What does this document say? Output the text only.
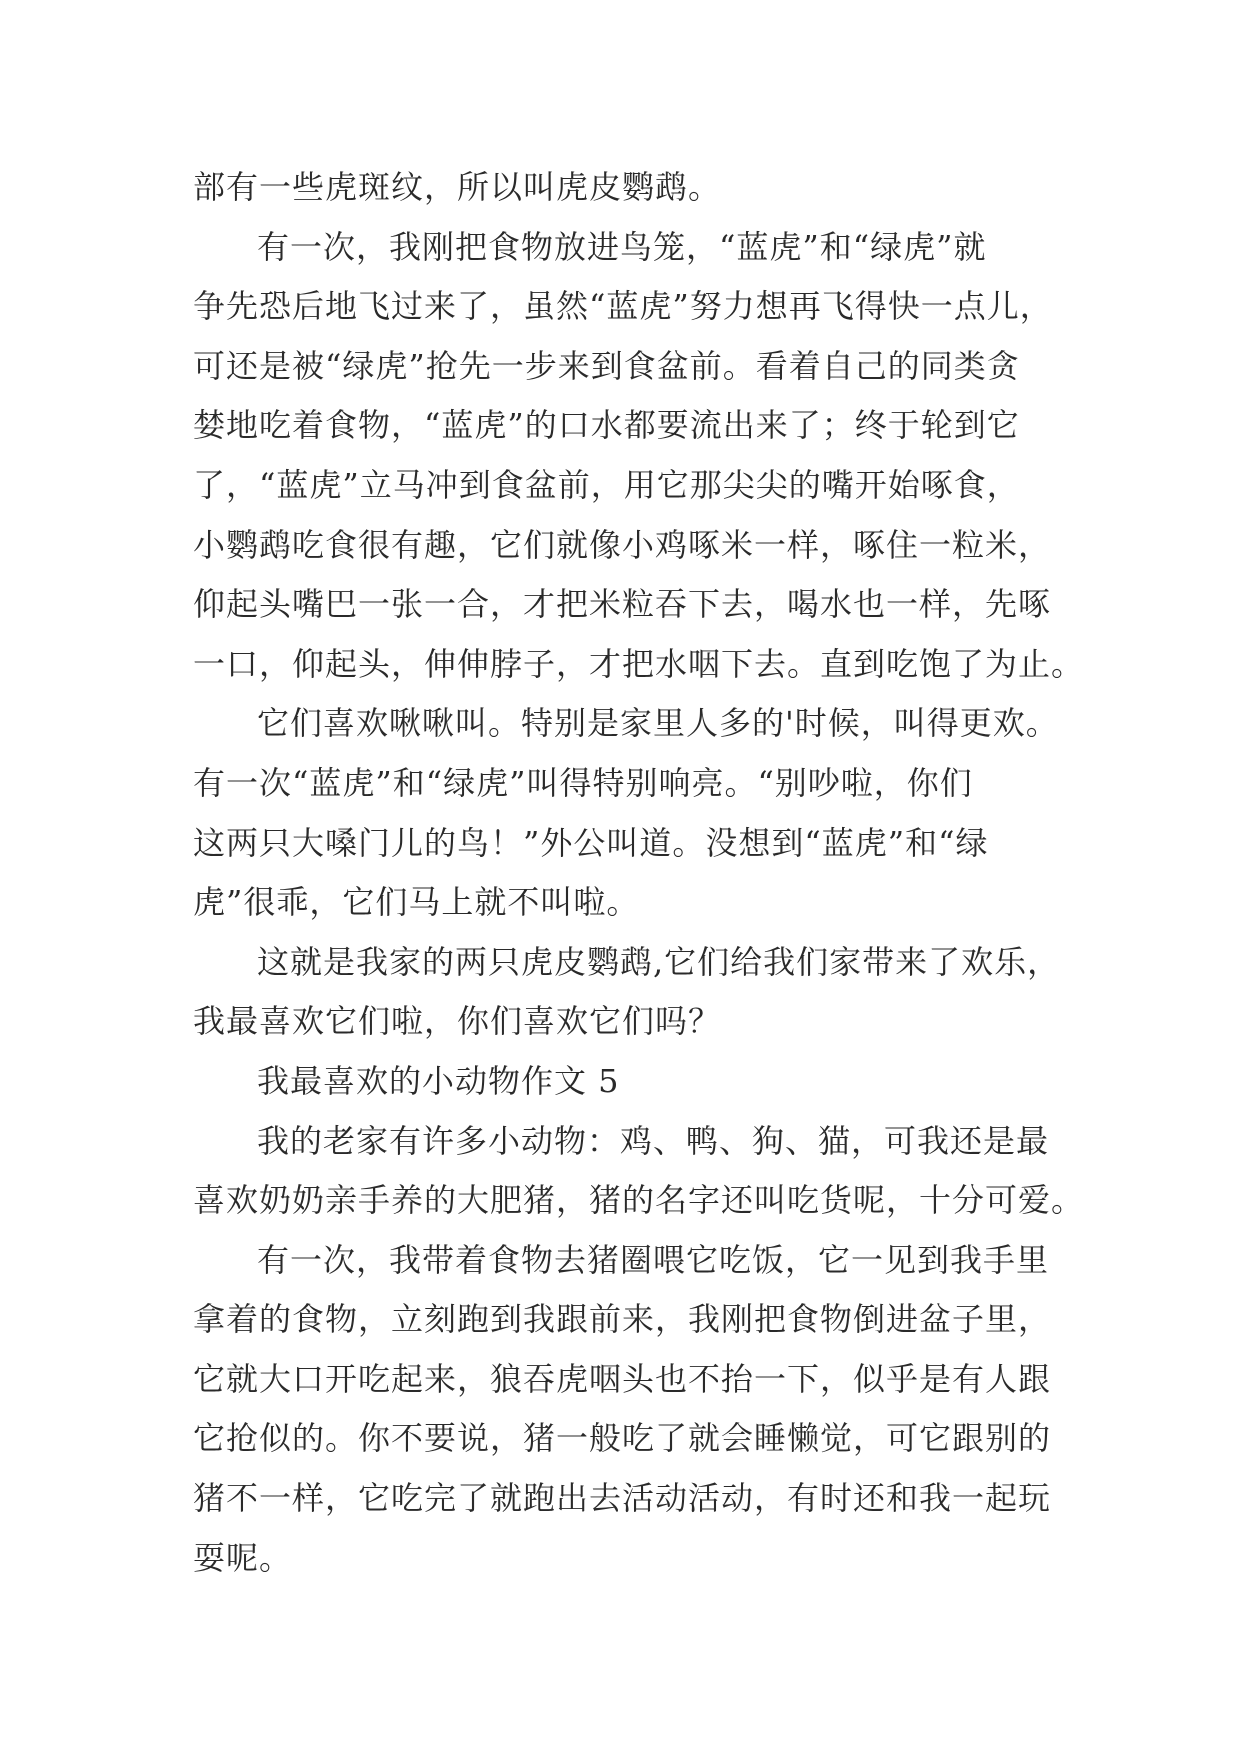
部有一些虎斑纹，所以叫虎皮鹦鹉。
有一次，我刚把食物放进鸟笼，“蓝虎”和“绿虎”就
争先恐后地飞过来了，虽然“蓝虎”努力想再飞得快一点儿，
可还是被“绿虎”抢先一步来到食盆前。看着自己的同类贪
婪地吃着食物，“蓝虎”的口水都要流出来了；终于轮到它
了，“蓝虎”立马冲到食盆前，用它那尖尖的嘴开始啄食，
小鹦鹉吃食很有趣，它们就像小鸡啄米一样，啄住一粒米，
仰起头嘴巴一张一合，才把米粒吞下去，喝水也一样，先啄
一口，仰起头，伸伸脖子，才把水咽下去。直到吃饱了为止。
它们喜欢啾啾叫。特别是家里人多的'时候，叫得更欢。
有一次“蓝虎”和“绿虎”叫得特别响亮。“别吵啦，你们
这两只大嗓门儿的鸟！”外公叫道。没想到“蓝虎”和“绿
虎”很乖，它们马上就不叫啦。
这就是我家的两只虎皮鹦鹉,它们给我们家带来了欢乐，
我最喜欢它们啦，你们喜欢它们吗？
我最喜欢的小动物作文 5
我的老家有许多小动物：鸡、鸭、狗、猫，可我还是最
喜欢奶奶亲手养的大肥猪，猪的名字还叫吃货呢，十分可爱。
有一次，我带着食物去猪圈喂它吃饭，它一见到我手里
拿着的食物，立刻跑到我跟前来，我刚把食物倒进盆子里，
它就大口开吃起来，狼吞虎咽头也不抬一下，似乎是有人跟
它抢似的。你不要说，猪一般吃了就会睡懒觉，可它跟别的
猪不一样，它吃完了就跑出去活动活动，有时还和我一起玩
耍呢。
